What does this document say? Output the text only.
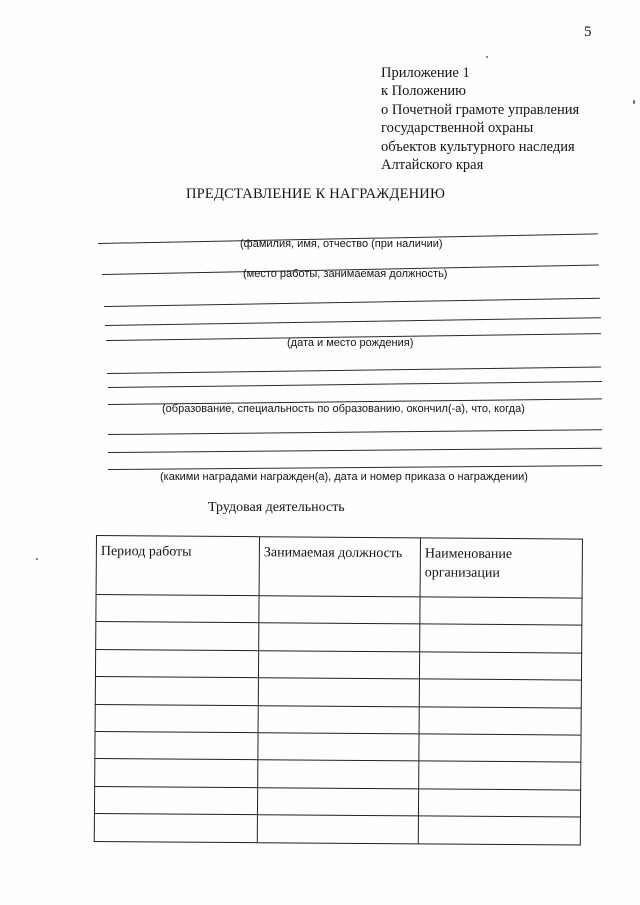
5
Приложение 1
к Положению
о Почетной грамоте управления
государственной охраны
объектов культурного наследия
Алтайского края
ПРЕДСТАВЛЕНИЕ К НАГРАЖДЕНИЮ
(фамилия, имя, отчество (при наличии)
(место работы, занимаемая должность)
(дата и место рождения)
(образование, специальность по образованию, окончил(-а), что, когда)
(какими наградами награжден(а), дата и номер приказа о награждении)
Трудовая деятельность
Период работы	Занимаемая должность	Наименование организации
